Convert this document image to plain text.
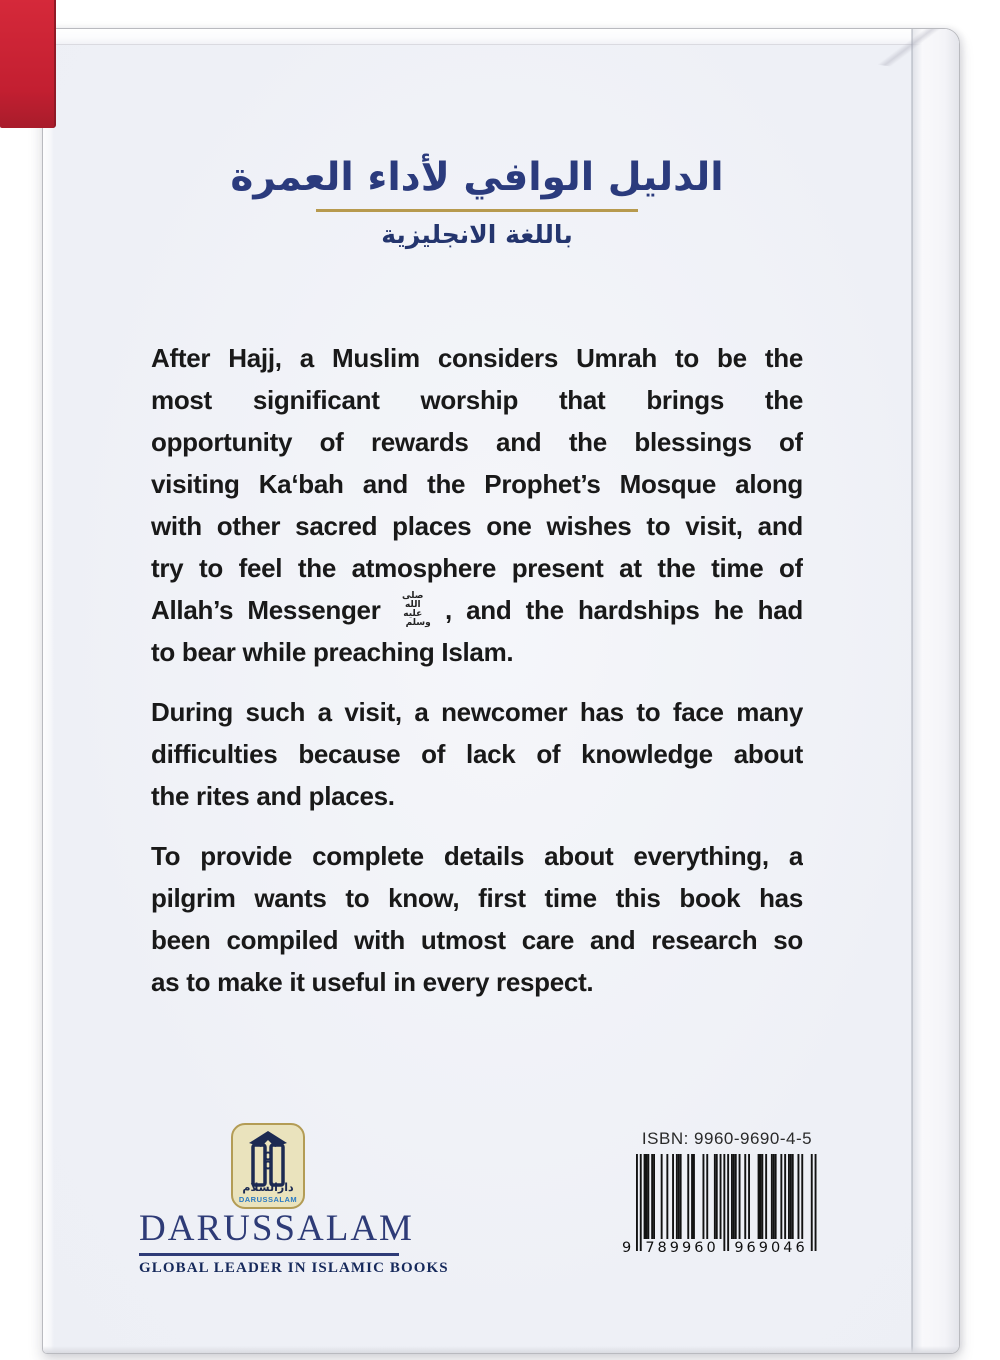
الدليل الوافي لأداء العمرة
باللغة الانجليزية
After Hajj, a Muslim considers Umrah to be the
most significant worship that brings the
opportunity of rewards and the blessings of
visiting Ka‘bah and the Prophet’s Mosque along
with other sacred places one wishes to visit, and
try to feel the atmosphere present at the time of
Allah’s Messenger صلى الله عليه وسلم , and the hardships he had
to bear while preaching Islam.
During such a visit, a newcomer has to face many
difficulties because of lack of knowledge about
the rites and places.
To provide complete details about everything, a
pilgrim wants to know, first time this book has
been compiled with utmost care and research so
as to make it useful in every respect.
دارالسلام
DARUSSALAM
DARUSSALAM
GLOBAL LEADER IN ISLAMIC BOOKS
ISBN: 9960-9690-4-5
9 789960 969046
